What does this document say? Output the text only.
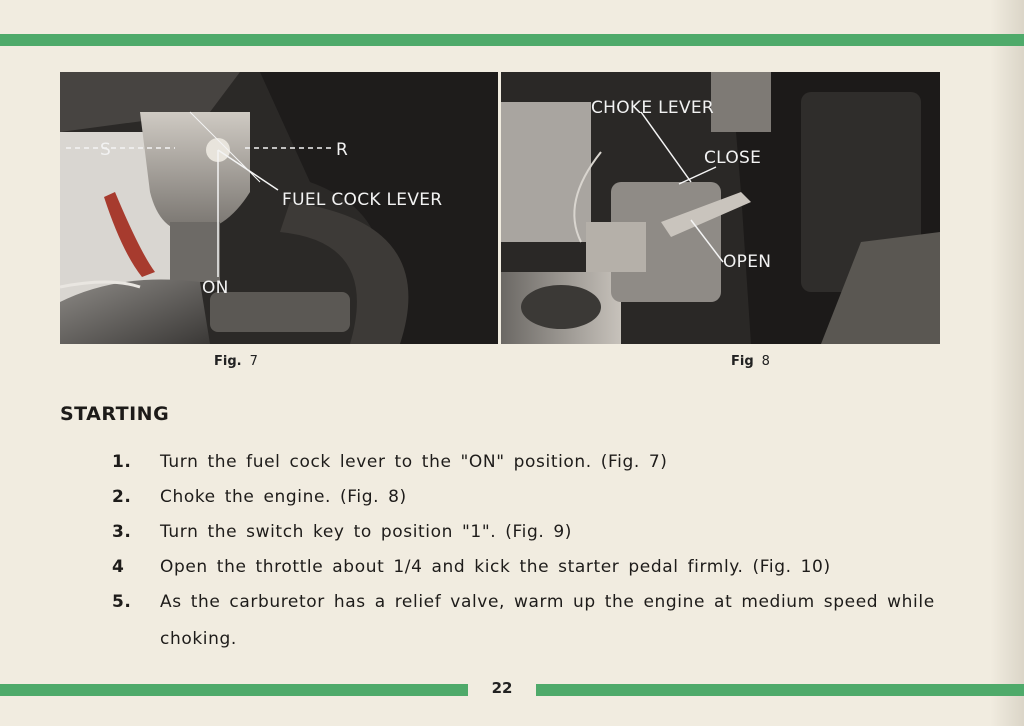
S	R
FUEL COCK LEVER
ON
CHOKE LEVER
CLOSE
OPEN
Fig. 7	Fig 8
STARTING
1.	Turn the fuel cock lever to the "ON" position. (Fig. 7)
2.	Choke the engine. (Fig. 8)
3.	Turn the switch key to position "1". (Fig. 9)
4	Open the throttle about 1/4 and kick the starter pedal firmly. (Fig. 10)
5.	As the carburetor has a relief valve, warm up the engine at medium speed while choking.
22
